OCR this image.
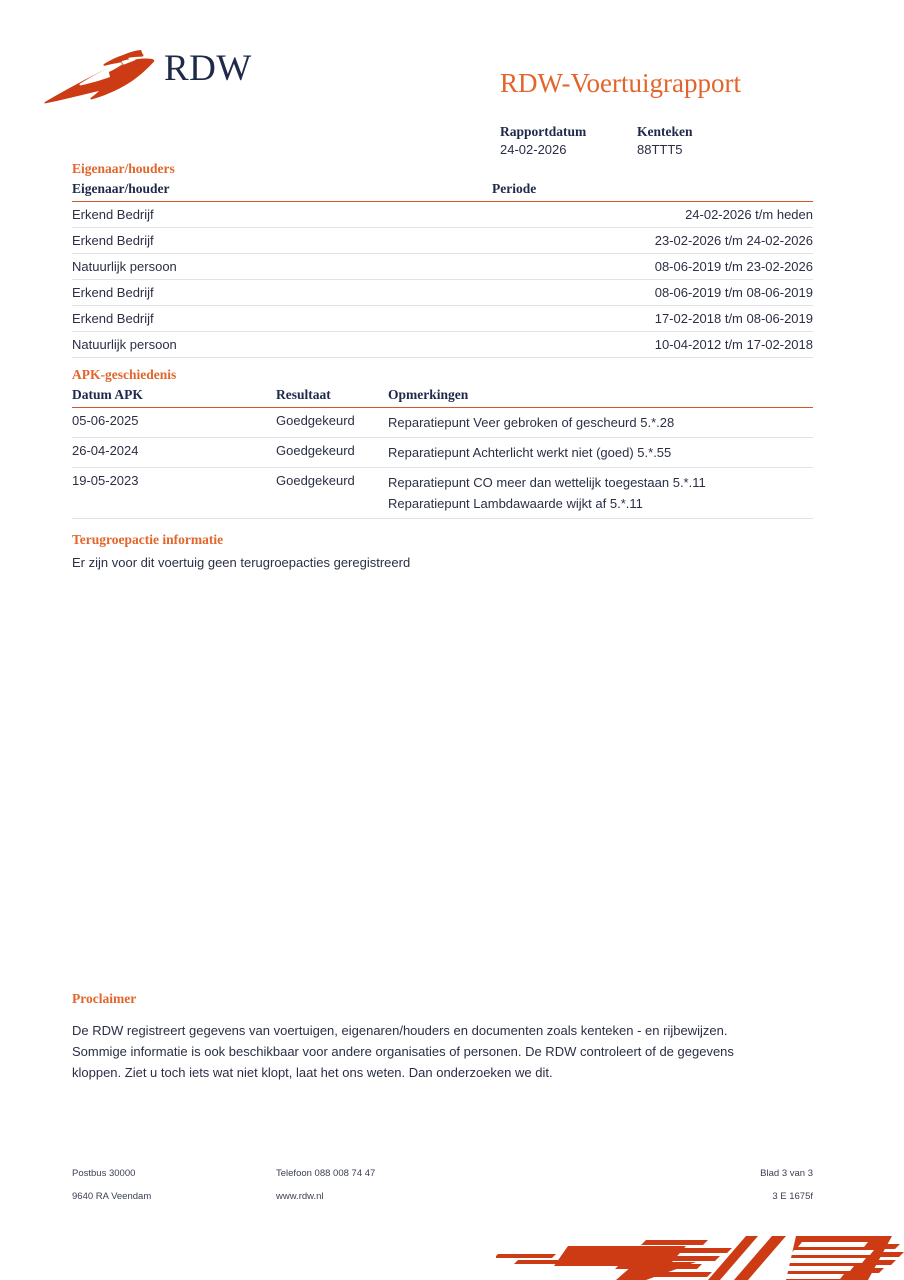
RDW	RDW-Voertuigrapport
Rapportdatum
24-02-2026
Kenteken
88TTT5
Eigenaar/houders
Eigenaar/houder	Periode
Erkend Bedrijf	24-02-2026 t/m heden
Erkend Bedrijf	23-02-2026 t/m 24-02-2026
Natuurlijk persoon	08-06-2019 t/m 23-02-2026
Erkend Bedrijf	08-06-2019 t/m 08-06-2019
Erkend Bedrijf	17-02-2018 t/m 08-06-2019
Natuurlijk persoon	10-04-2012 t/m 17-02-2018
APK-geschiedenis
Datum APK	Resultaat	Opmerkingen
05-06-2025	Goedgekeurd	Reparatiepunt Veer gebroken of gescheurd 5.*.28

26-04-2024	Goedgekeurd	Reparatiepunt Achterlicht werkt niet (goed) 5.*.55

19-05-2023	Goedgekeurd	Reparatiepunt CO meer dan wettelijk toegestaan 5.*.11
Reparatiepunt Lambdawaarde wijkt af 5.*.11
Terugroepactie informatie
Er zijn voor dit voertuig geen terugroepacties geregistreerd
Proclaimer
De RDW registreert gegevens van voertuigen, eigenaren/houders en documenten zoals kenteken - en rijbewijzen. Sommige informatie is ook beschikbaar voor andere organisaties of personen. De RDW controleert of de gegevens kloppen. Ziet u toch iets wat niet klopt, laat het ons weten. Dan onderzoeken we dit.
Postbus 30000	Telefoon 088 008 74 47	Blad 3 van 3
9640 RA Veendam	www.rdw.nl	3 E 1675f
